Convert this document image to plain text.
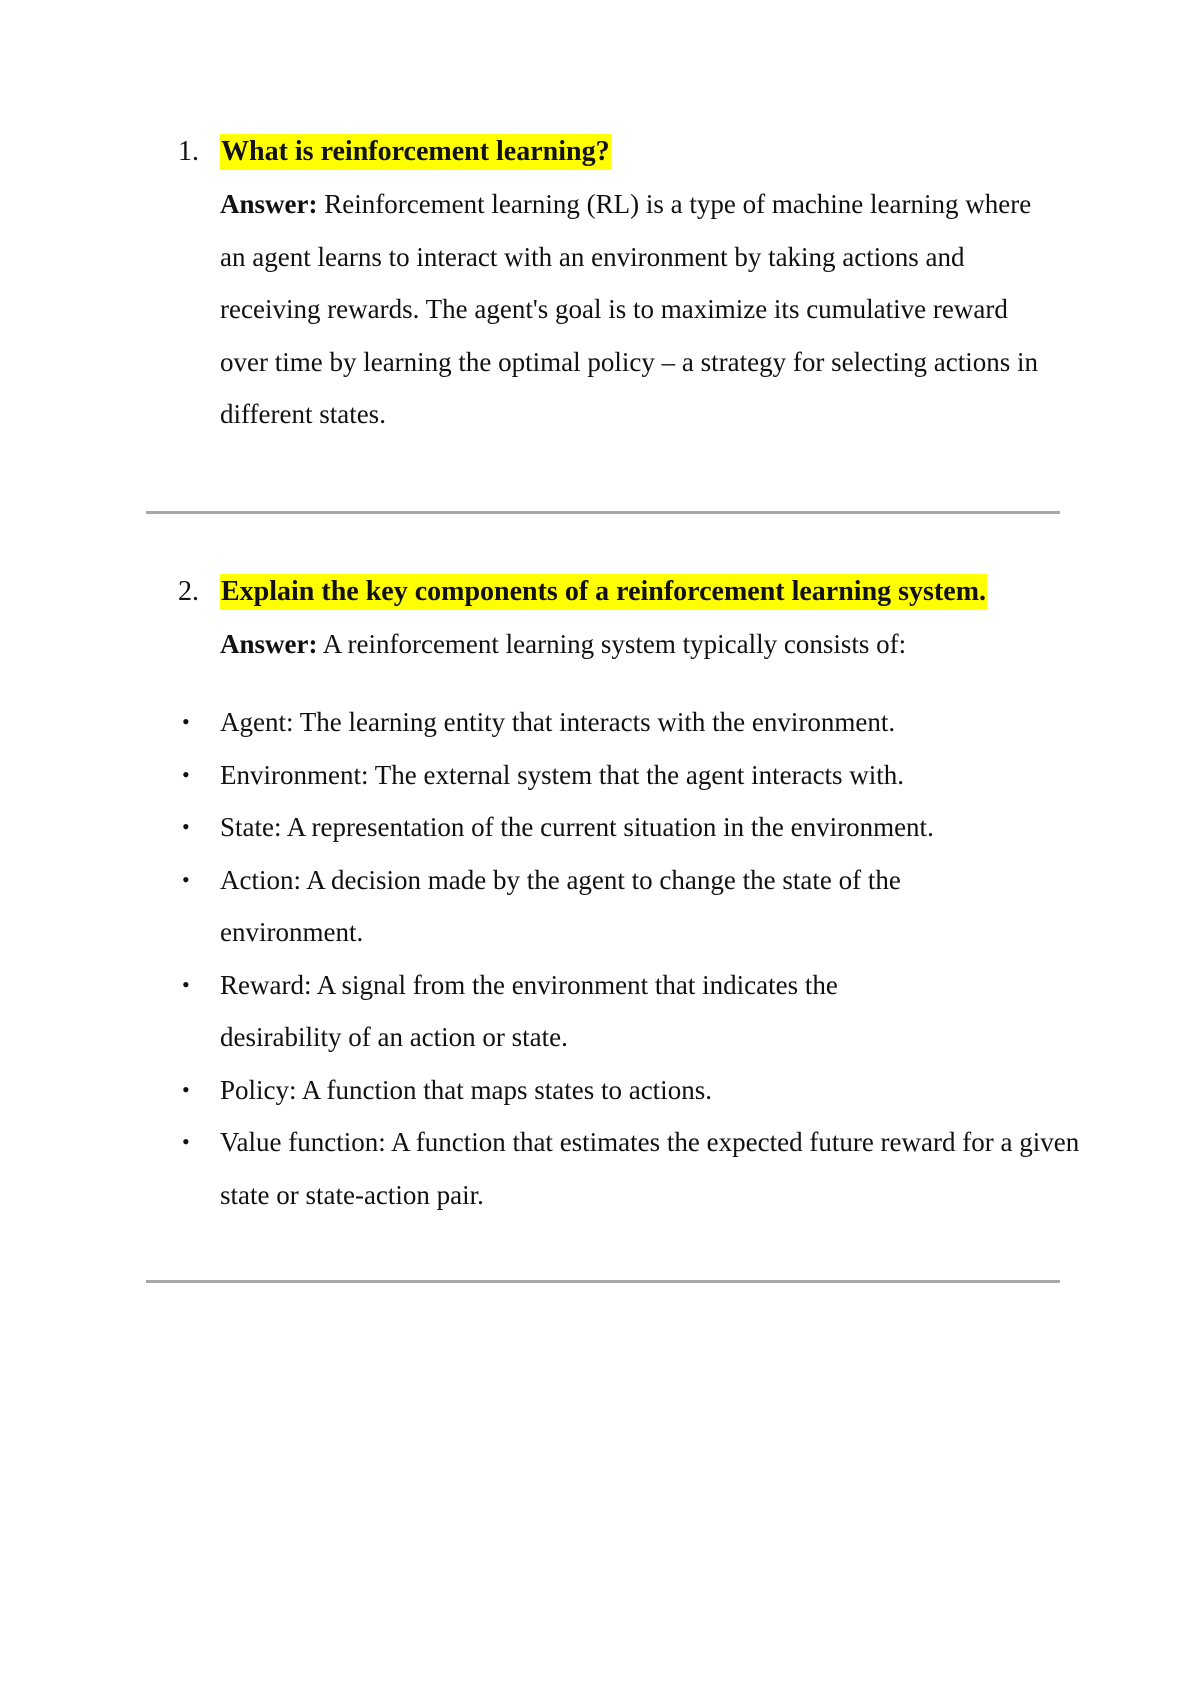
1. What is reinforcement learning?
Answer: Reinforcement learning (RL) is a type of machine learning where an agent learns to interact with an environment by taking actions and receiving rewards. The agent's goal is to maximize its cumulative reward over time by learning the optimal policy – a strategy for selecting actions in different states.
2. Explain the key components of a reinforcement learning system.
Answer: A reinforcement learning system typically consists of:
• Agent: The learning entity that interacts with the environment.
• Environment: The external system that the agent interacts with.
• State: A representation of the current situation in the environment.
• Action: A decision made by the agent to change the state of the environment.
• Reward: A signal from the environment that indicates the desirability of an action or state.
• Policy: A function that maps states to actions.
• Value function: A function that estimates the expected future reward for a given state or state-action pair.
